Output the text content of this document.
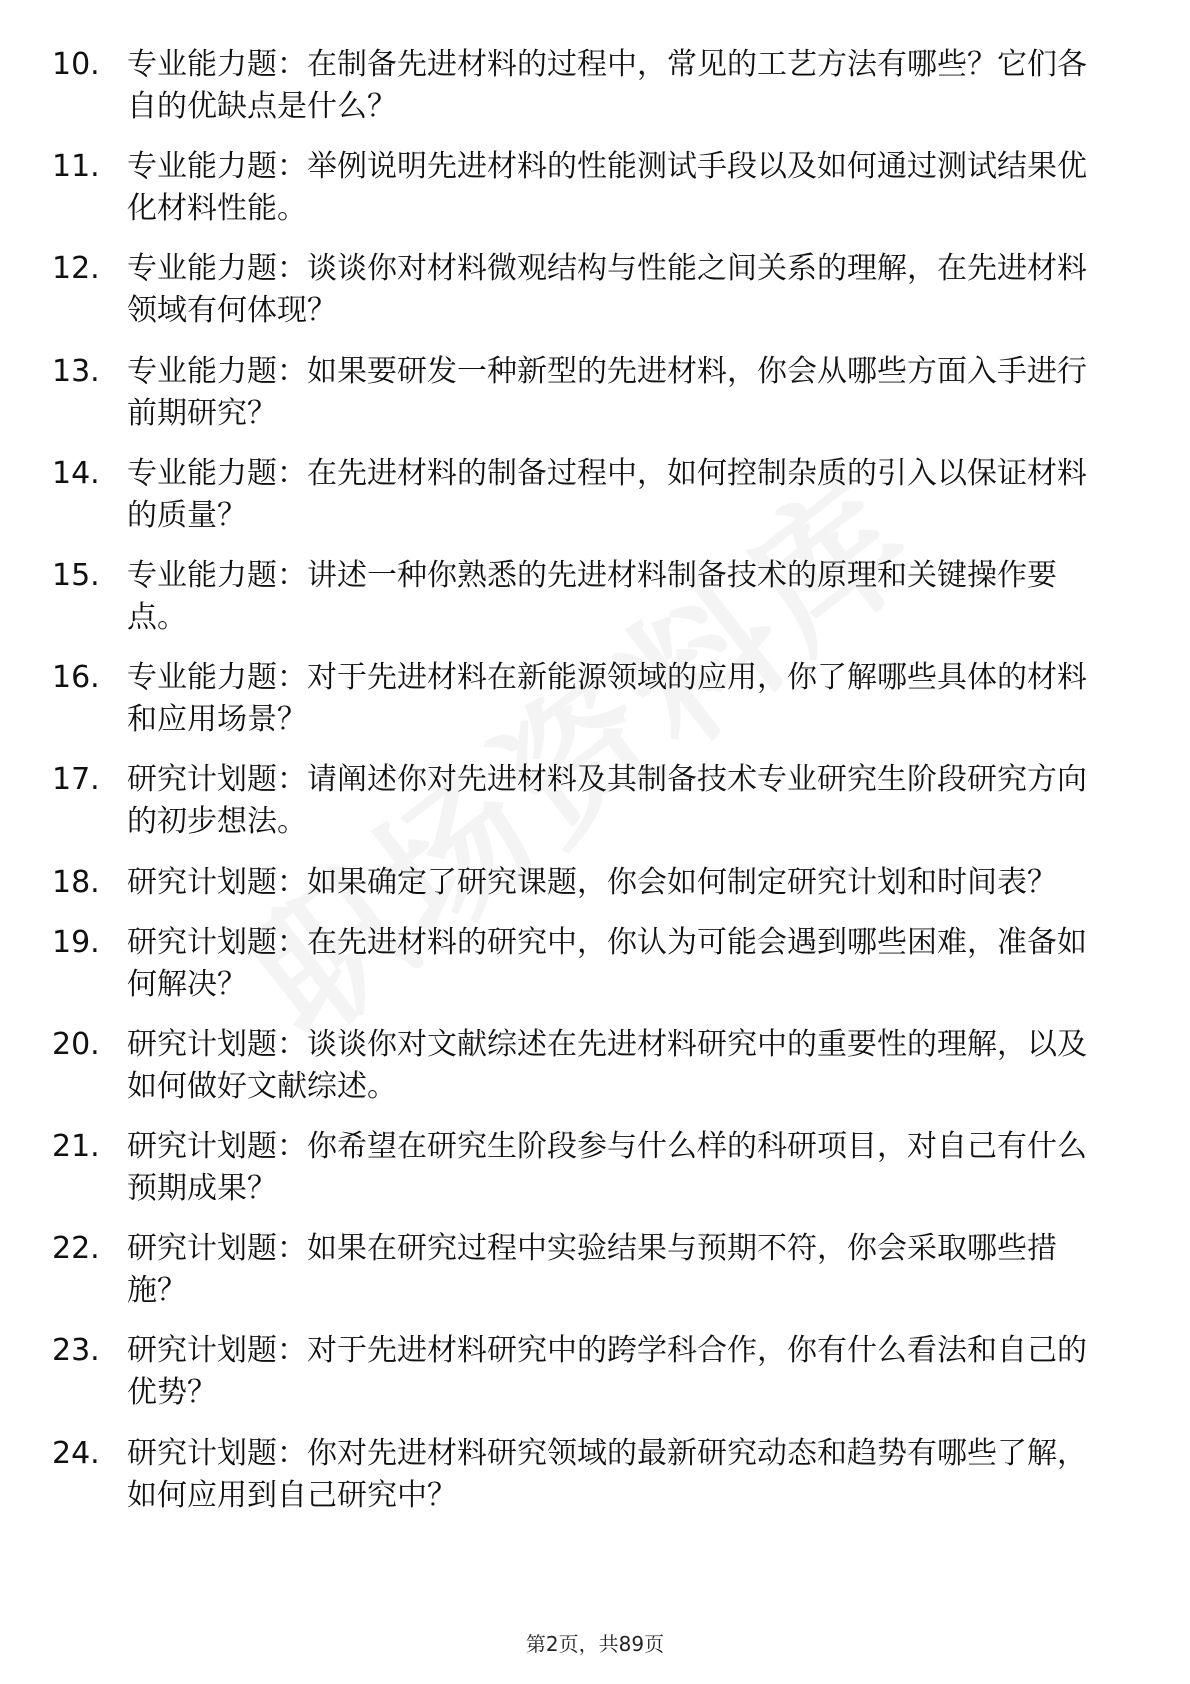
10. 专业能力题：在制备先进材料的过程中，常见的工艺方法有哪些？它们各自的优缺点是什么？
11. 专业能力题：举例说明先进材料的性能测试手段以及如何通过测试结果优化材料性能。
12. 专业能力题：谈谈你对材料微观结构与性能之间关系的理解，在先进材料领域有何体现？
13. 专业能力题：如果要研发一种新型的先进材料，你会从哪些方面入手进行前期研究？
14. 专业能力题：在先进材料的制备过程中，如何控制杂质的引入以保证材料的质量？
15. 专业能力题：讲述一种你熟悉的先进材料制备技术的原理和关键操作要点。
16. 专业能力题：对于先进材料在新能源领域的应用，你了解哪些具体的材料和应用场景？
17. 研究计划题：请阐述你对先进材料及其制备技术专业研究生阶段研究方向的初步想法。
18. 研究计划题：如果确定了研究课题，你会如何制定研究计划和时间表？
19. 研究计划题：在先进材料的研究中，你认为可能会遇到哪些困难，准备如何解决？
20. 研究计划题：谈谈你对文献综述在先进材料研究中的重要性的理解，以及如何做好文献综述。
21. 研究计划题：你希望在研究生阶段参与什么样的科研项目，对自己有什么预期成果？
22. 研究计划题：如果在研究过程中实验结果与预期不符，你会采取哪些措施？
23. 研究计划题：对于先进材料研究中的跨学科合作，你有什么看法和自己的优势？
24. 研究计划题：你对先进材料研究领域的最新研究动态和趋势有哪些了解，如何应用到自己研究中？
第2页，共89页
